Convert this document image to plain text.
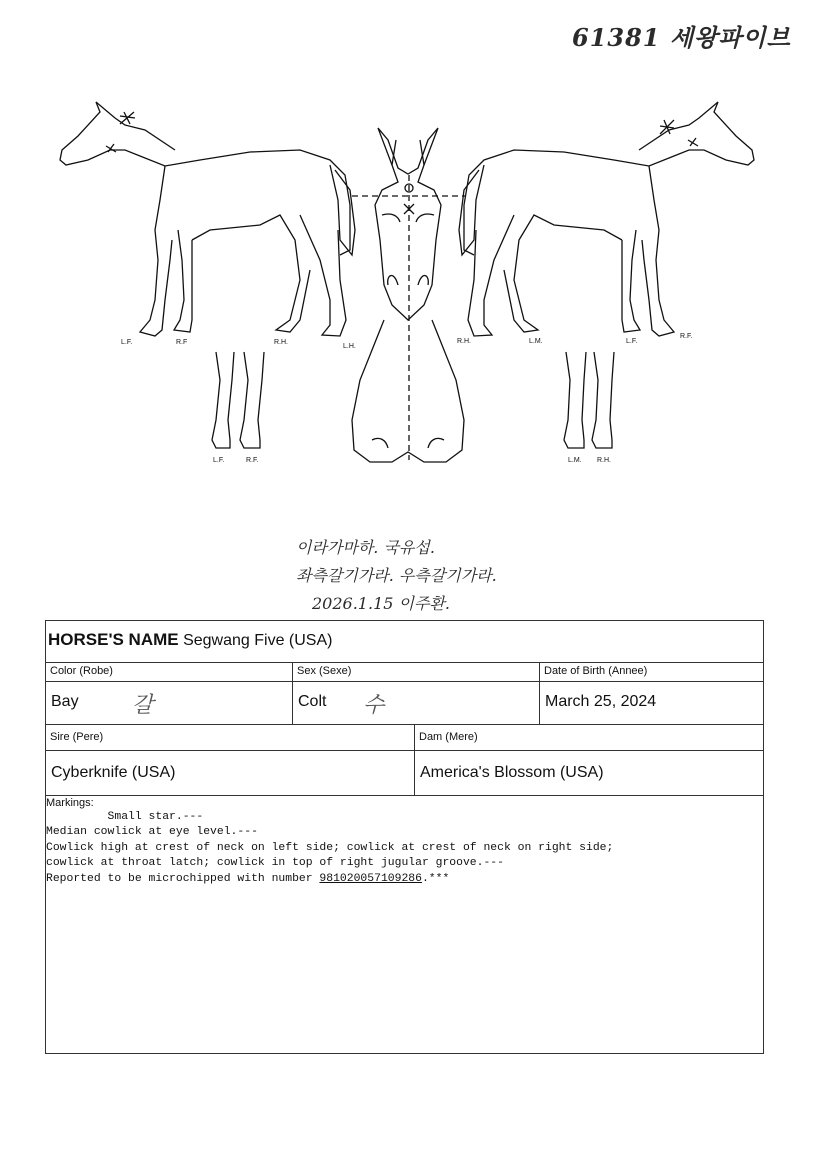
61381 세왕파이브
L.F.	R.F	R.H.
L.H.
R.H.	L.M.	L.F.
R.F.
L.F.	R.F.	L.M. R.H.
이라가마하. 국유섭.
좌측갈기가라. 우측갈기가라.
2026.1.15 이주환.
HORSE'S NAME Segwang Five (USA)
Color (Robe)	Sex (Sexe)	Date of Birth (Annee)
Bay 갈	Colt 수	March 25, 2024
Sire (Pere)	Dam (Mere)
Cyberknife (USA)	America's Blossom (USA)
Markings:
Small star.---
Median cowlick at eye level.---
Cowlick high at crest of neck on left side; cowlick at crest of neck on right side;
cowlick at throat latch; cowlick in top of right jugular groove.---
Reported to be microchipped with number 981020057109286.***
